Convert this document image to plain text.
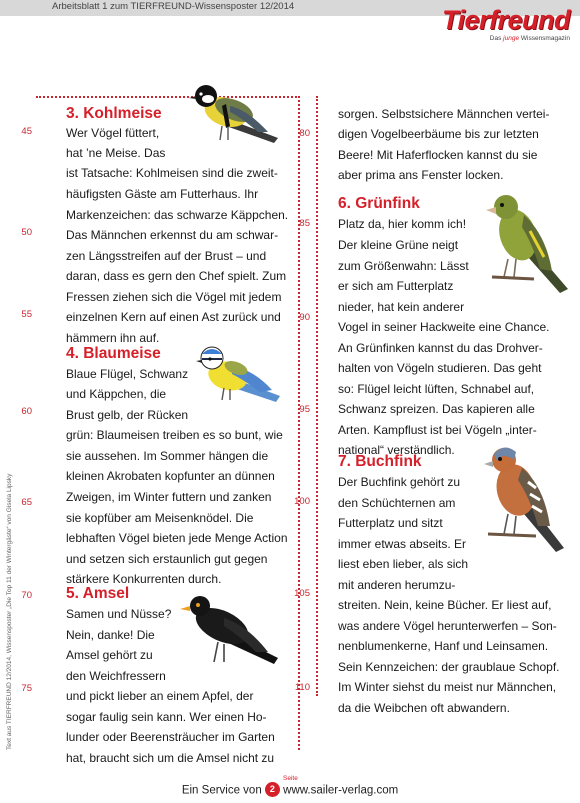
Arbeitsblatt 1 zum TIERFREUND-Wissensposter 12/2014	Tierfreund
Das junge Wissensmagazin
3. Kohlmeise
Wer Vögel füttert,
hat ’ne Meise. Das
ist Tatsache: Kohlmeisen sind die zweit-
häufigsten Gäste am Futterhaus. Ihr
Markenzeichen: das schwarze Käppchen.
Das Männchen erkennst du am schwar-
zen Längsstreifen auf der Brust – und
daran, dass es gern den Chef spielt. Zum
Fressen ziehen sich die Vögel mit jedem
einzelnen Kern auf einen Ast zurück und
hämmern ihn auf.
4. Blaumeise
Blaue Flügel, Schwanz
und Käppchen, die
Brust gelb, der Rücken
grün: Blaumeisen treiben es so bunt, wie
sie aussehen. Im Sommer hängen die
kleinen Akrobaten kopfunter an dünnen
Zweigen, im Winter futtern und zanken
sie kopfüber am Meisenknödel. Die
lebhaften Vögel bieten jede Menge Action
und setzen sich erstaunlich gut gegen
stärkere Konkurrenten durch.
5. Amsel
Samen und Nüsse?
Nein, danke! Die
Amsel gehört zu
den Weichfressern
und pickt lieber an einem Apfel, der
sogar faulig sein kann. Wer einen Ho-
lunder oder Beerensträucher im Garten
hat, braucht sich um die Amsel nicht zu
45
50
55
60
65
70
75
sorgen. Selbstsichere Männchen vertei-
digen Vogelbeerbäume bis zur letzten
Beere! Mit Haferflocken kannst du sie
aber prima ans Fenster locken.
6. Grünfink
Platz da, hier komm ich!
Der kleine Grüne neigt
zum Größenwahn: Lässt
er sich am Futterplatz
nieder, hat kein anderer
Vogel in seiner Hackweite eine Chance.
An Grünfinken kannst du das Drohver-
halten von Vögeln studieren. Das geht
so: Flügel leicht lüften, Schnabel auf,
Schwanz spreizen. Das kapieren alle
Arten. Kampflust ist bei Vögeln „inter-
national“ verständlich.
7. Buchfink
Der Buchfink gehört zu
den Schüchternen am
Futterplatz und sitzt
immer etwas abseits. Er
liest eben lieber, als sich
mit anderen herumzu-
streiten. Nein, keine Bücher. Er liest auf,
was andere Vögel herunterwerfen – Son-
nenblumenkerne, Hanf und Leinsamen.
Sein Kennzeichen: der graublaue Schopf.
Im Winter siehst du meist nur Männchen,
da die Weibchen oft abwandern.
80
85
90
95
100
105
110
Text aus TIERFREUND 12/2014, Wissensposter „Die Top 11 der Wintergäste“ von Gisela Lipsky
Seite
Ein Service von 2 www.sailer-verlag.com
